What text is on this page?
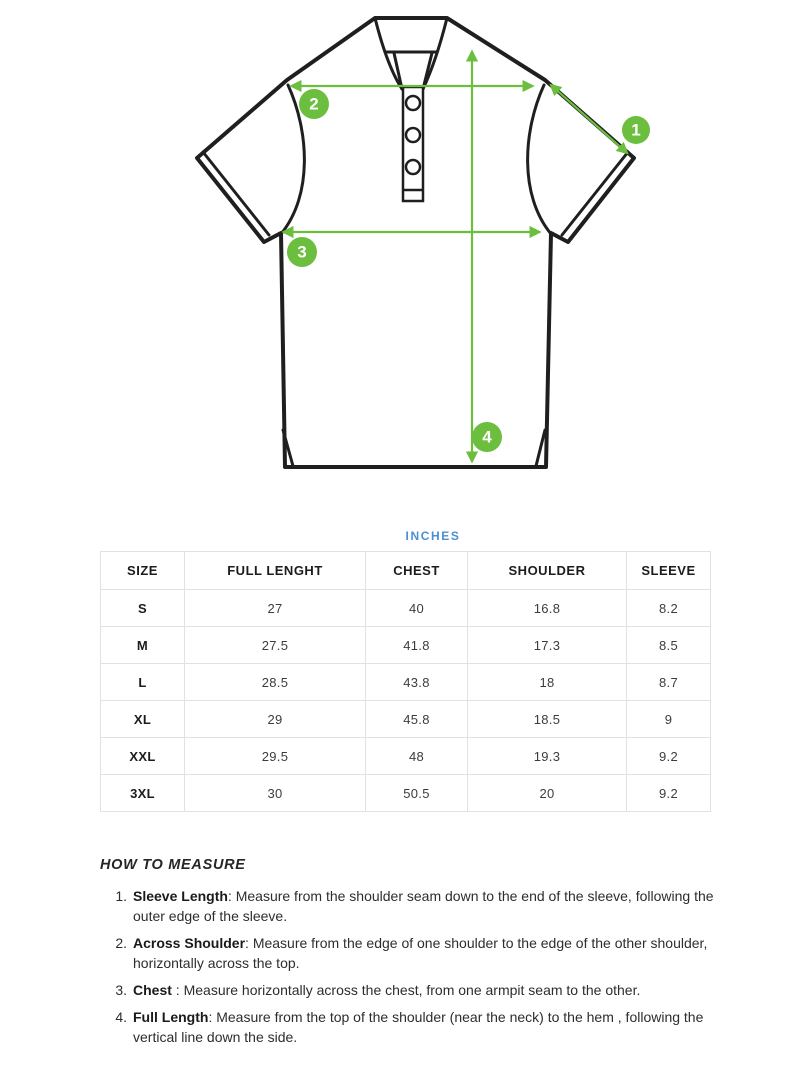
1
2
3
4
INCHES
SIZE	FULL LENGHT	CHEST	SHOULDER	SLEEVE
S	27	40	16.8	8.2
M	27.5	41.8	17.3	8.5
L	28.5	43.8	18	8.7
XL	29	45.8	18.5	9
XXL	29.5	48	19.3	9.2
3XL	30	50.5	20	9.2
HOW TO MEASURE
1. Sleeve Length: Measure from the shoulder seam down to the end of the sleeve, following the outer edge of the sleeve.

2. Across Shoulder: Measure from the edge of one shoulder to the edge of the other shoulder, horizontally across the top.

3. Chest : Measure horizontally across the chest, from one armpit seam to the other.

4. Full Length: Measure from the top of the shoulder (near the neck) to the hem , following the vertical line down the side.
